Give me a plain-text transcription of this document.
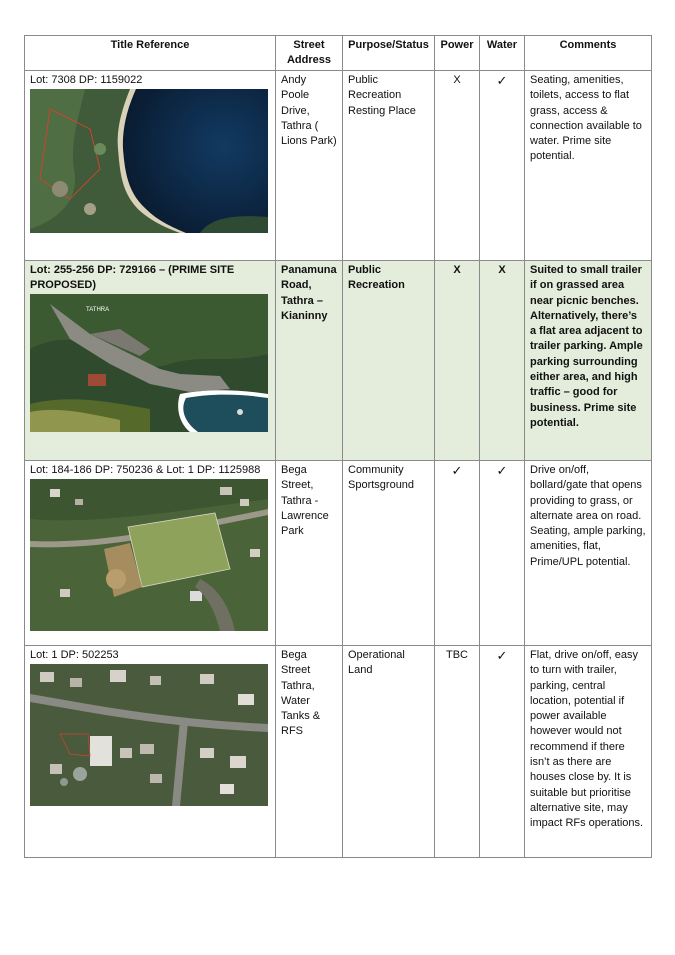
Title Reference	Street Address	Purpose/Status	Power	Water	Comments

Lot: 7308 DP: 1159022	Andy Poole Drive, Tathra ( Lions Park)	Public Recreation Resting Place	X	✓	Seating, amenities, toilets, access to flat grass, access & connection available to water. Prime site potential.

Lot: 255-256 DP: 729166 – (PRIME SITE PROPOSED)	Panamuna Road, Tathra – Kianinny	Public Recreation	X	X	Suited to small trailer if on grassed area near picnic benches. Alternatively, there’s a flat area adjacent to trailer parking. Ample parking surrounding either area, and high traffic – good for business. Prime site potential.

Lot: 184-186 DP: 750236 & Lot: 1 DP: 1125988	Bega Street, Tathra - Lawrence Park	Community Sportsground	✓	✓	Drive on/off, bollard/gate that opens providing to grass, or alternate area on road. Seating, ample parking, amenities, flat, Prime/UPL potential.

Lot: 1 DP: 502253	Bega Street Tathra, Water Tanks & RFS	Operational Land	TBC	✓	Flat, drive on/off, easy to turn with trailer, parking, central location, potential if power available however would not recommend if there isn’t as there are houses close by. It is suitable but prioritise alternative site, may impact RFs operations.
